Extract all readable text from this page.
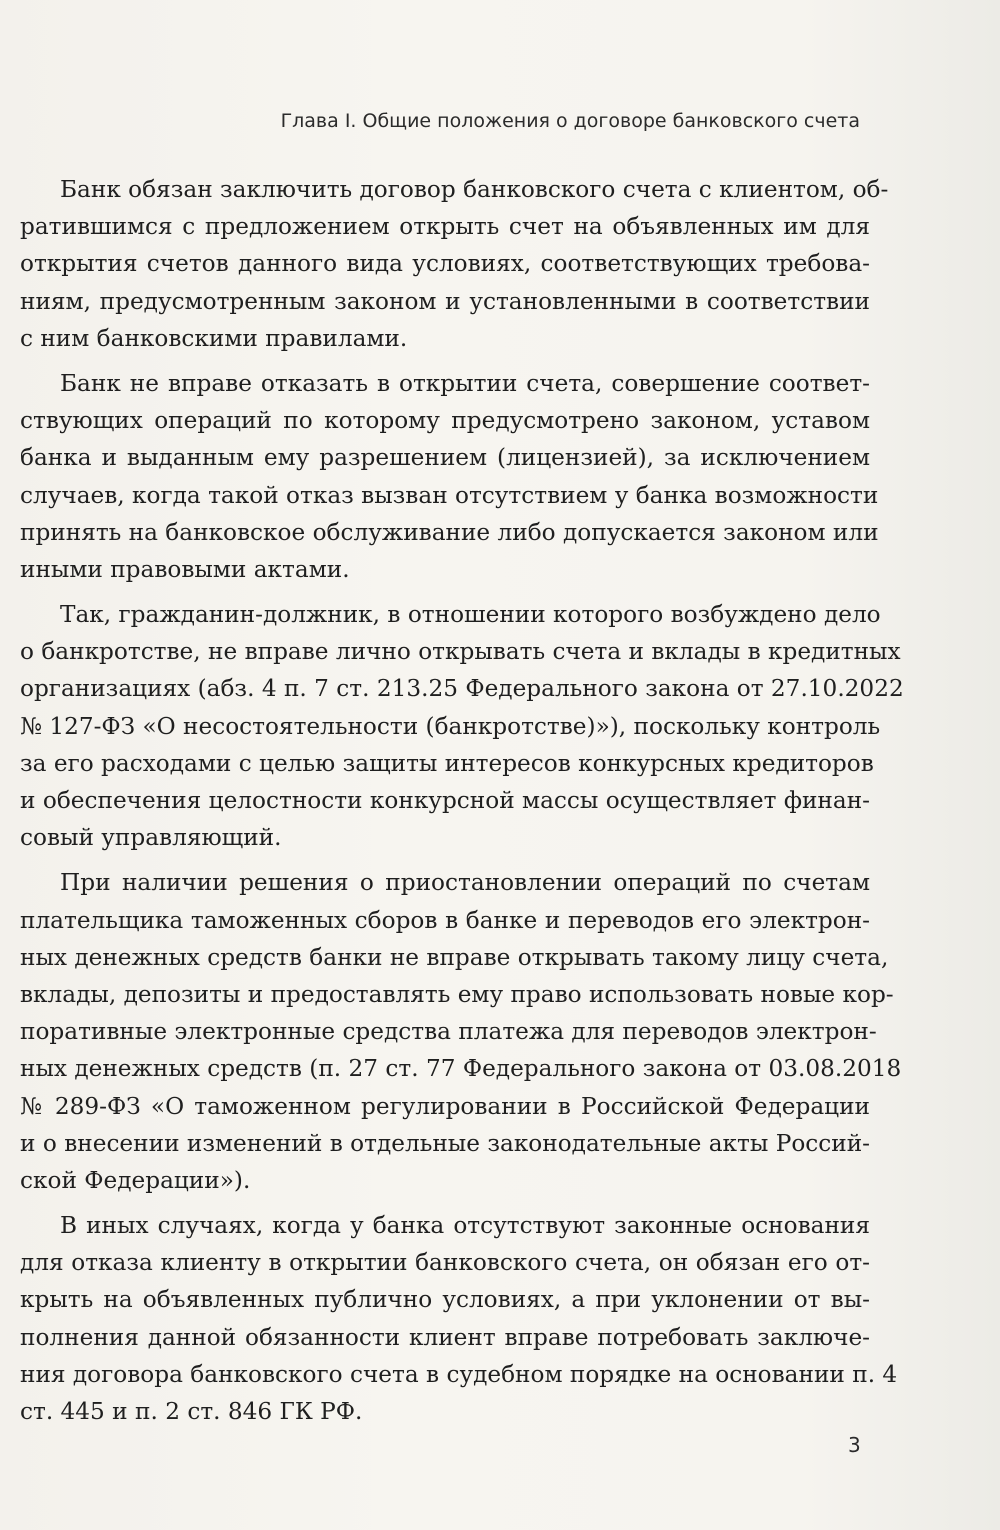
Глава I. Общие положения о договоре банковского счета
Банк обязан заключить договор банковского счета с клиентом, об-
ратившимся с предложением открыть счет на объявленных им для
открытия счетов данного вида условиях, соответствующих требова-
ниям, предусмотренным законом и установленными в соответствии
с ним банковскими правилами.
Банк не вправе отказать в открытии счета, совершение соответ-
ствующих операций по которому предусмотрено законом, уставом
банка и выданным ему разрешением (лицензией), за исключением
случаев, когда такой отказ вызван отсутствием у банка возможности
принять на банковское обслуживание либо допускается законом или
иными правовыми актами.
Так, гражданин-должник, в отношении которого возбуждено дело
о банкротстве, не вправе лично открывать счета и вклады в кредитных
организациях (абз. 4 п. 7 ст. 213.25 Федерального закона от 27.10.2022
№ 127-ФЗ «О несостоятельности (банкротстве)»), поскольку контроль
за его расходами с целью защиты интересов конкурсных кредиторов
и обеспечения целостности конкурсной массы осуществляет финан-
совый управляющий.
При наличии решения о приостановлении операций по счетам
плательщика таможенных сборов в банке и переводов его электрон-
ных денежных средств банки не вправе открывать такому лицу счета,
вклады, депозиты и предоставлять ему право использовать новые кор-
поративные электронные средства платежа для переводов электрон-
ных денежных средств (п. 27 ст. 77 Федерального закона от 03.08.2018
№ 289-ФЗ «О таможенном регулировании в Российской Федерации
и о внесении изменений в отдельные законодательные акты Россий-
ской Федерации»).
В иных случаях, когда у банка отсутствуют законные основания
для отказа клиенту в открытии банковского счета, он обязан его от-
крыть на объявленных публично условиях, а при уклонении от вы-
полнения данной обязанности клиент вправе потребовать заключе-
ния договора банковского счета в судебном порядке на основании п. 4
ст. 445 и п. 2 ст. 846 ГК РФ.
3
